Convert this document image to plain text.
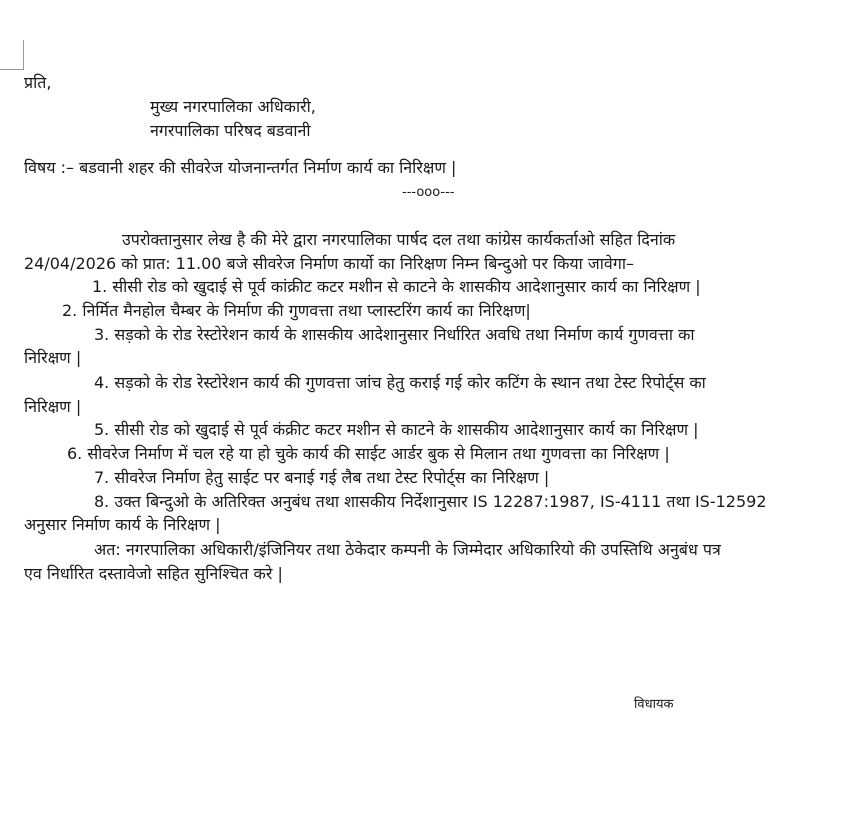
प्रति,
मुख्य नगरपालिका अधिकारी,
नगरपालिका परिषद बडवानी
विषय :– बडवानी शहर की सीवरेज योजनान्तर्गत निर्माण कार्य का निरिक्षण |
---ooo---
उपरोक्तानुसार लेख है की मेरे द्वारा नगरपालिका पार्षद दल तथा कांग्रेस कार्यकर्ताओ सहित दिनांक
24/04/2026 को प्रात: 11.00 बजे सीवरेज निर्माण कार्यो का निरिक्षण निम्न बिन्दुओ पर किया जावेगा–
1. सीसी रोड को खुदाई से पूर्व कांक्रीट कटर मशीन से काटने के शासकीय आदेशानुसार कार्य का निरिक्षण |
2. निर्मित मैनहोल चैम्बर के निर्माण की गुणवत्ता तथा प्लास्टरिंग कार्य का निरिक्षण|
3. सड़को के रोड रेस्टोरेशन कार्य के शासकीय आदेशानुसार निर्धारित अवधि तथा निर्माण कार्य गुणवत्ता का
निरिक्षण |
4. सड़को के रोड रेस्टोरेशन कार्य की गुणवत्ता जांच हेतु कराई गई कोर कटिंग के स्थान तथा टेस्ट रिपोर्ट्स का
निरिक्षण |
5. सीसी रोड को खुदाई से पूर्व कंक्रीट कटर मशीन से काटने के शासकीय आदेशानुसार कार्य का निरिक्षण |
6. सीवरेज निर्माण में चल रहे या हो चुके कार्य की साईट आर्डर बुक से मिलान तथा गुणवत्ता का निरिक्षण |
7. सीवरेज निर्माण हेतु साईट पर बनाई गई लैब तथा टेस्ट रिपोर्ट्स का निरिक्षण |
8. उक्त बिन्दुओ के अतिरिक्त अनुबंध तथा शासकीय निर्देशानुसार IS 12287:1987, IS-4111 तथा IS-12592
अनुसार निर्माण कार्य के निरिक्षण |
अत: नगरपालिका अधिकारी/इंजिनियर तथा ठेकेदार कम्पनी के जिम्मेदार अधिकारियो की उपस्तिथि अनुबंध पत्र
एव निर्धारित दस्तावेजो सहित सुनिश्चित करे |
विधायक
